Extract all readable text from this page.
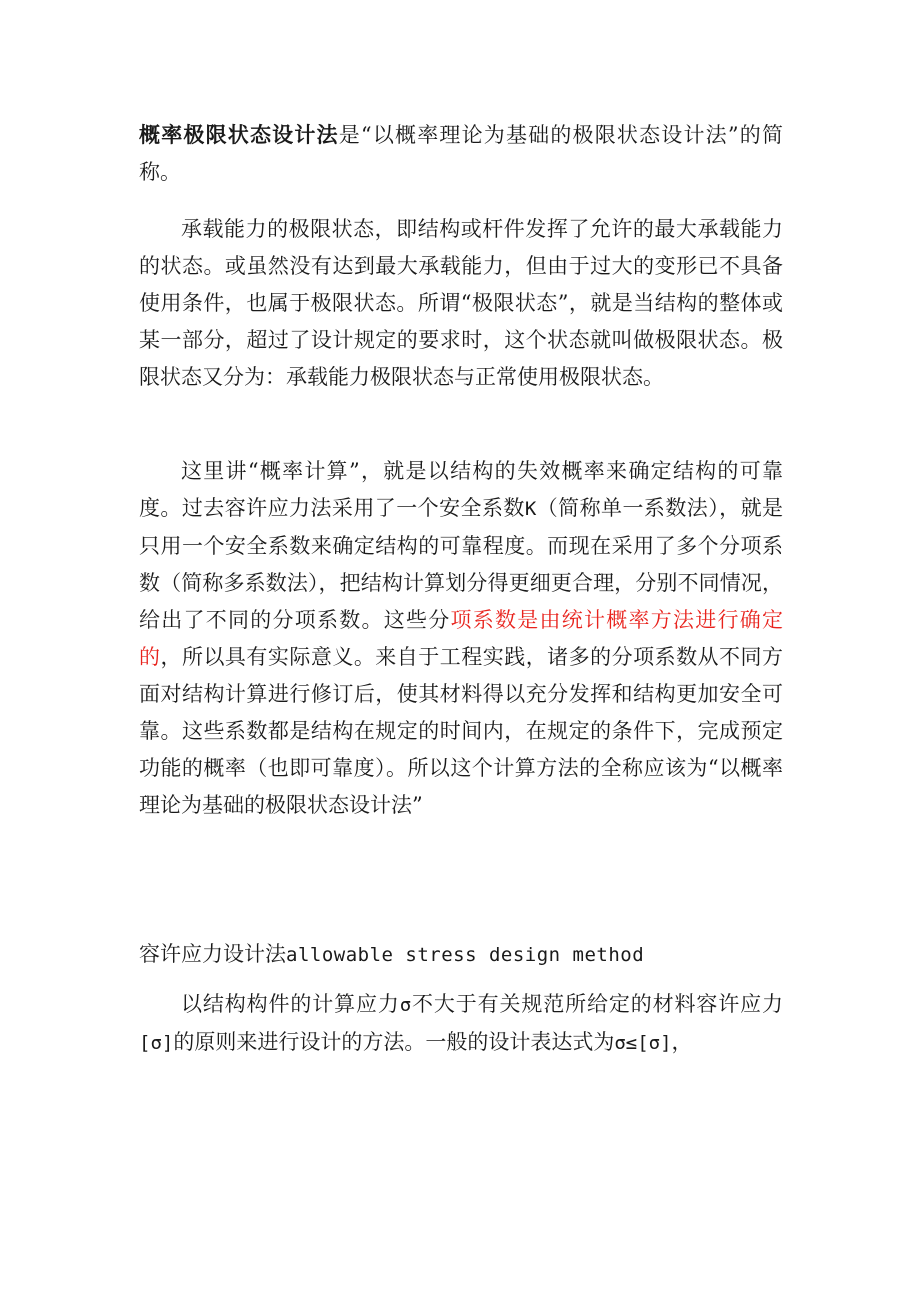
概率极限状态设计法是“以概率理论为基础的极限状态设计法”的简称。
承载能力的极限状态，即结构或杆件发挥了允许的最大承载能力的状态。或虽然没有达到最大承载能力，但由于过大的变形已不具备使用条件，也属于极限状态。所谓“极限状态”，就是当结构的整体或某一部分，超过了设计规定的要求时，这个状态就叫做极限状态。极限状态又分为：承载能力极限状态与正常使用极限状态。
这里讲“概率计算”，就是以结构的失效概率来确定结构的可靠度。过去容许应力法采用了一个安全系数K（简称单一系数法），就是只用一个安全系数来确定结构的可靠程度。而现在采用了多个分项系数（简称多系数法），把结构计算划分得更细更合理，分别不同情况，给出了不同的分项系数。这些分项系数是由统计概率方法进行确定的，所以具有实际意义。来自于工程实践，诸多的分项系数从不同方面对结构计算进行修订后，使其材料得以充分发挥和结构更加安全可靠。这些系数都是结构在规定的时间内，在规定的条件下，完成预定功能的概率（也即可靠度）。所以这个计算方法的全称应该为“以概率理论为基础的极限状态设计法”
容许应力设计法allowable stress design method
以结构构件的计算应力σ不大于有关规范所给定的材料容许应力[σ]的原则来进行设计的方法。一般的设计表达式为σ≤[σ]，
